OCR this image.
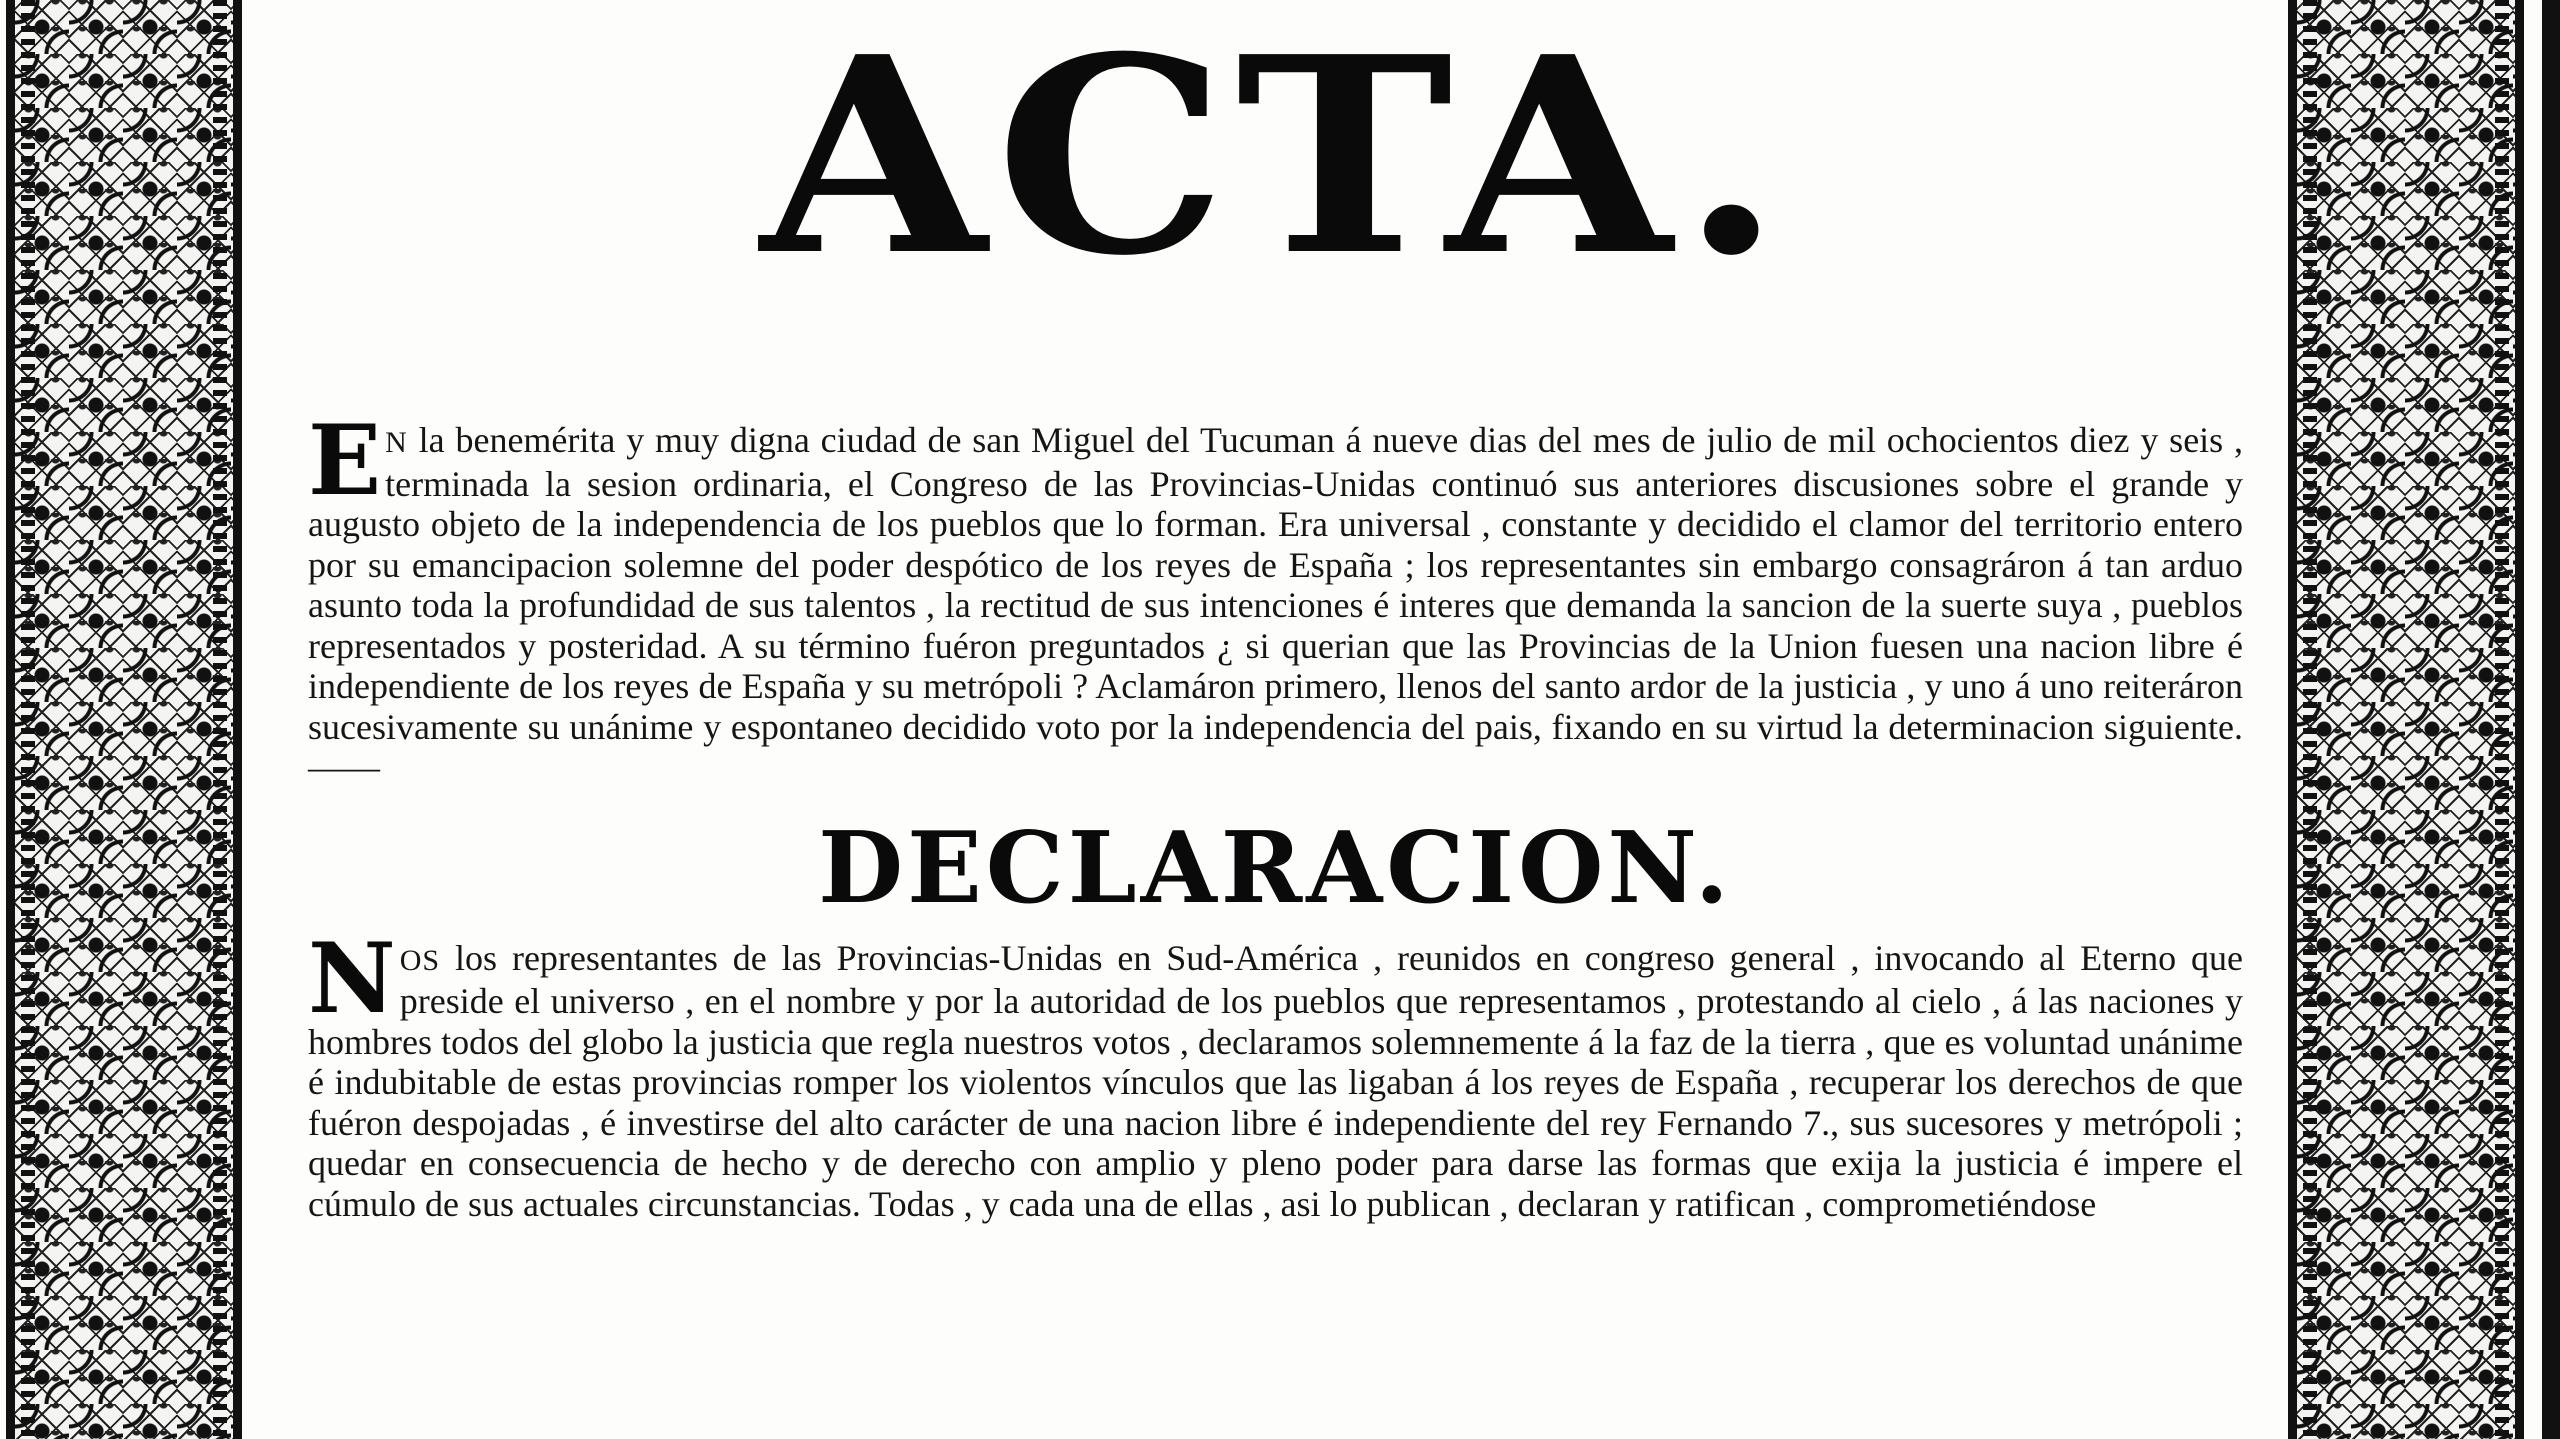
ACTA.

E N la benemérita y muy digna ciudad de san Miguel del Tucuman á nueve dias del mes de julio de mil ochocientos diez y seis , terminada la sesion ordinaria, el Congreso de las Provincias-Unidas continuó sus anteriores discusiones sobre el grande y augusto objeto de la independencia de los pueblos que lo forman. Era universal , constante y decidido el clamor del territorio entero por su emancipacion solemne del poder despótico de los reyes de España ; los representantes sin embargo consagráron á tan arduo asunto toda la profundidad de sus talentos , la rectitud de sus intenciones é interes que demanda la sancion de la suerte suya , pueblos representados y posteridad. A su término fuéron preguntados ¿ si querian que las Provincias de la Union fuesen una nacion libre é independiente de los reyes de España y su metrópoli ? Aclamáron primero, llenos del santo ardor de la justicia , y uno á uno reiteráron sucesivamente su unánime y espontaneo decidido voto por la independencia del pais, fixando en su virtud la determinacion siguiente. ——

DECLARACION.

NOS los representantes de las Provincias-Unidas en Sud-América , reunidos en congreso general , invocando al Eterno que preside el universo , en el nombre y por la autoridad de los pueblos que representamos , protestando al cielo , á las naciones y hombres todos del globo la justicia que regla nuestros votos , declaramos solemnemente á la faz de la tierra , que es voluntad unánime é indubitable de estas provincias romper los violentos vínculos que las ligaban á los reyes de España , recuperar los derechos de que fuéron despojadas , é investirse del alto carácter de una nacion libre é independiente del rey Fernando 7., sus sucesores y metrópoli ; quedar en consecuencia de hecho y de derecho con amplio y pleno poder para darse las formas que exija la justicia é impere el cúmulo de sus actuales circunstancias. Todas , y cada una de ellas , asi lo publican , declaran y ratifican , comprometiéndose
